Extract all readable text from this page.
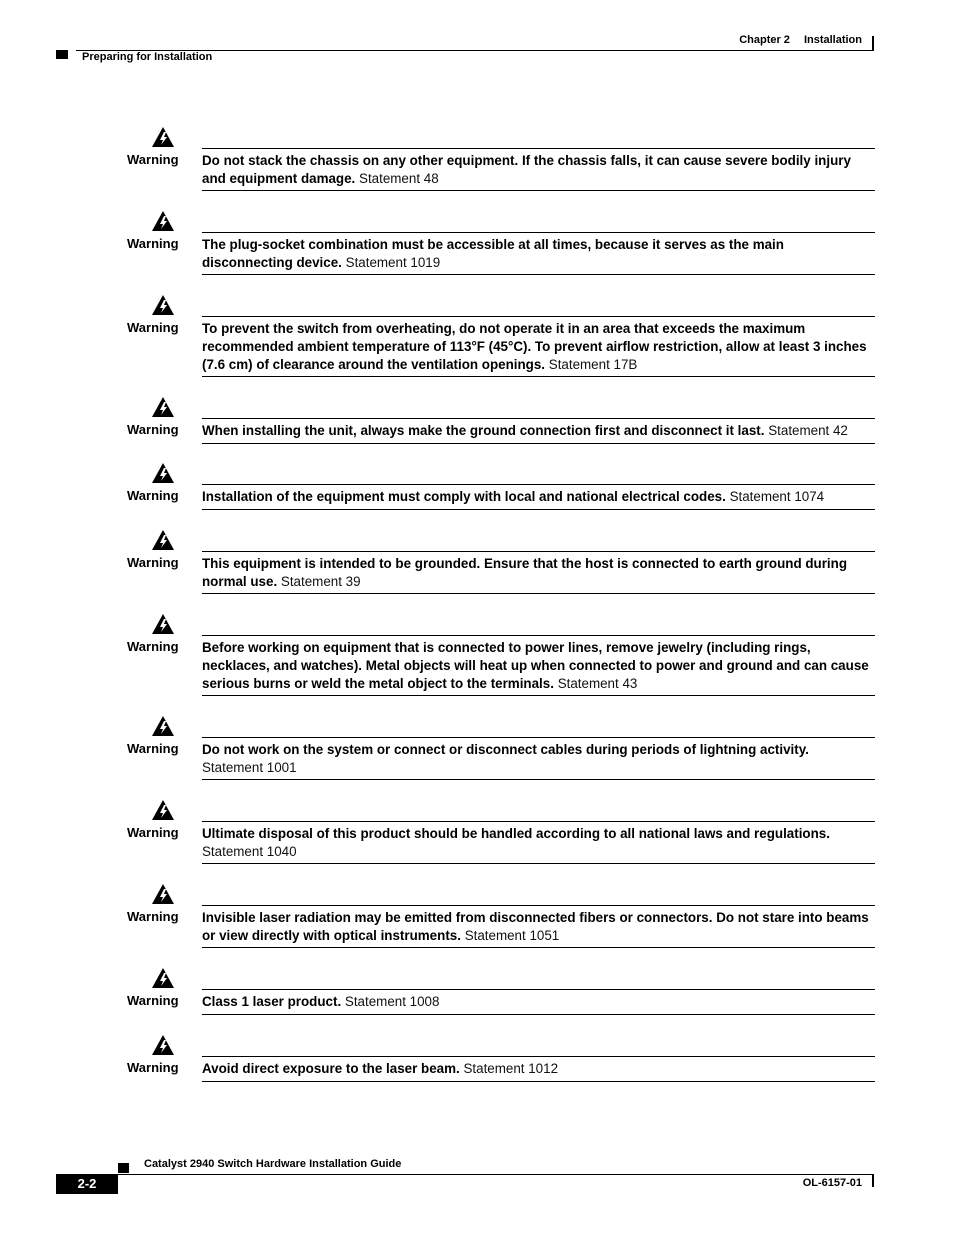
Chapter 2 Installation
Preparing for Installation
Warning Do not stack the chassis on any other equipment. If the chassis falls, it can cause severe bodily injury and equipment damage. Statement 48
Warning The plug-socket combination must be accessible at all times, because it serves as the main disconnecting device. Statement 1019
Warning To prevent the switch from overheating, do not operate it in an area that exceeds the maximum recommended ambient temperature of 113°F (45°C). To prevent airflow restriction, allow at least 3 inches (7.6 cm) of clearance around the ventilation openings. Statement 17B
Warning When installing the unit, always make the ground connection first and disconnect it last. Statement 42
Warning Installation of the equipment must comply with local and national electrical codes. Statement 1074
Warning This equipment is intended to be grounded. Ensure that the host is connected to earth ground during normal use. Statement 39
Warning Before working on equipment that is connected to power lines, remove jewelry (including rings, necklaces, and watches). Metal objects will heat up when connected to power and ground and can cause serious burns or weld the metal object to the terminals. Statement 43
Warning Do not work on the system or connect or disconnect cables during periods of lightning activity.
Statement 1001
Warning Ultimate disposal of this product should be handled according to all national laws and regulations.
Statement 1040
Warning Invisible laser radiation may be emitted from disconnected fibers or connectors. Do not stare into beams or view directly with optical instruments. Statement 1051
Warning Class 1 laser product. Statement 1008
Warning Avoid direct exposure to the laser beam. Statement 1012
Catalyst 2940 Switch Hardware Installation Guide
2-2	OL-6157-01
